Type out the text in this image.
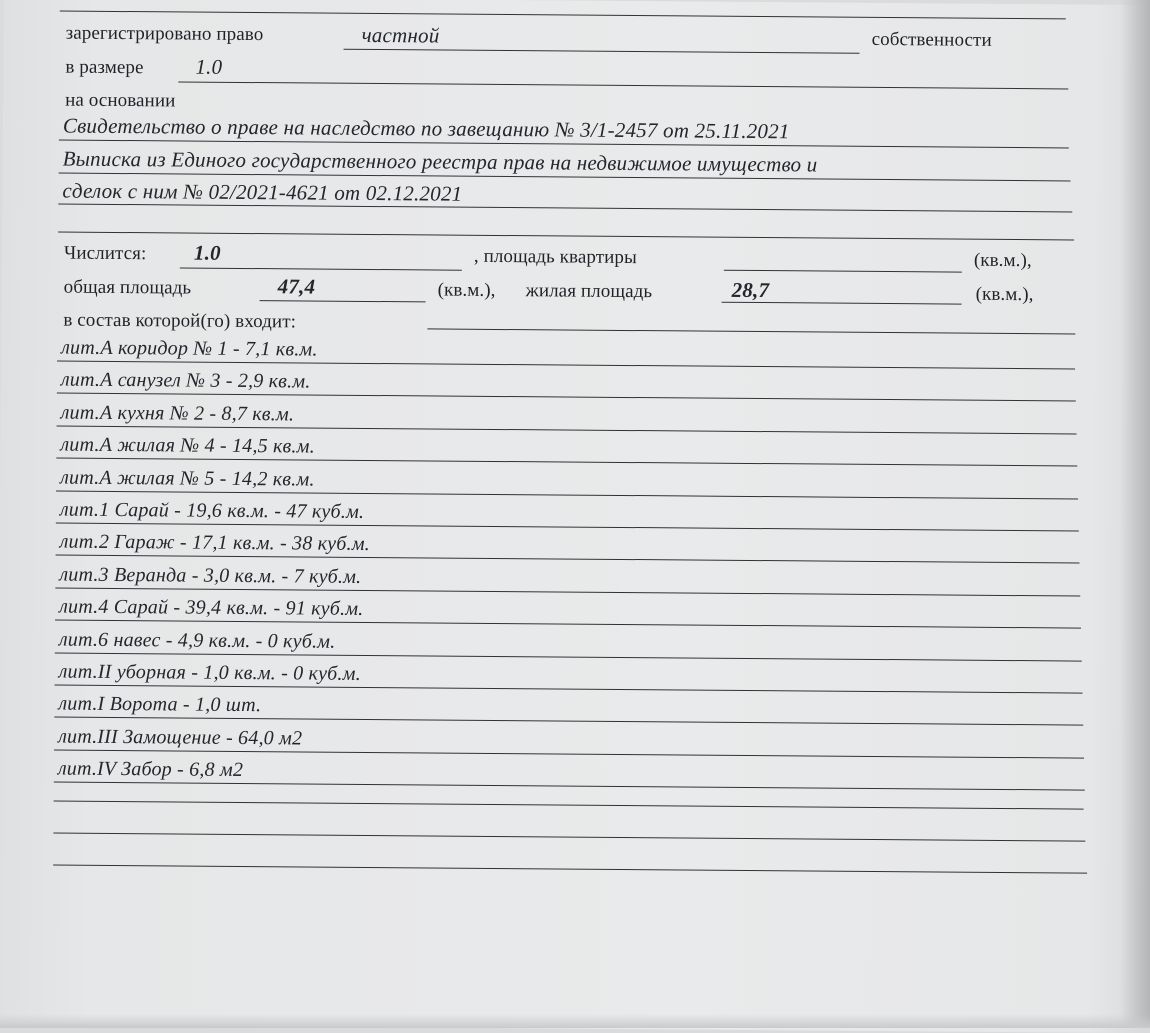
зарегистрировано право	частной	собственности
в размере 1.0
на основании
Свидетельство о праве на наследство по завещанию № 3/1-2457 от 25.11.2021
Выписка из Единого государственного реестра прав на недвижимое имущество и
сделок с ним № 02/2021-4621 от 02.12.2021
Числится: 1.0	, площадь квартиры	(кв.м.),
общая площадь	47,4	(кв.м.), жилая площадь	28,7	(кв.м.),
в состав которой(го) входит:
лит.А коридор № 1 - 7,1 кв.м.
лит.А санузел № 3 - 2,9 кв.м.
лит.А кухня № 2 - 8,7 кв.м.
лит.А жилая № 4 - 14,5 кв.м.
лит.А жилая № 5 - 14,2 кв.м.
лит.1 Сарай - 19,6 кв.м. - 47 куб.м.
лит.2 Гараж - 17,1 кв.м. - 38 куб.м.
лит.3 Веранда - 3,0 кв.м. - 7 куб.м.
лит.4 Сарай - 39,4 кв.м. - 91 куб.м.
лит.6 навес - 4,9 кв.м. - 0 куб.м.
лит.II уборная - 1,0 кв.м. - 0 куб.м.
лит.I Ворота - 1,0 шт.
лит.III Замощение - 64,0 м2
лит.IV Забор - 6,8 м2
